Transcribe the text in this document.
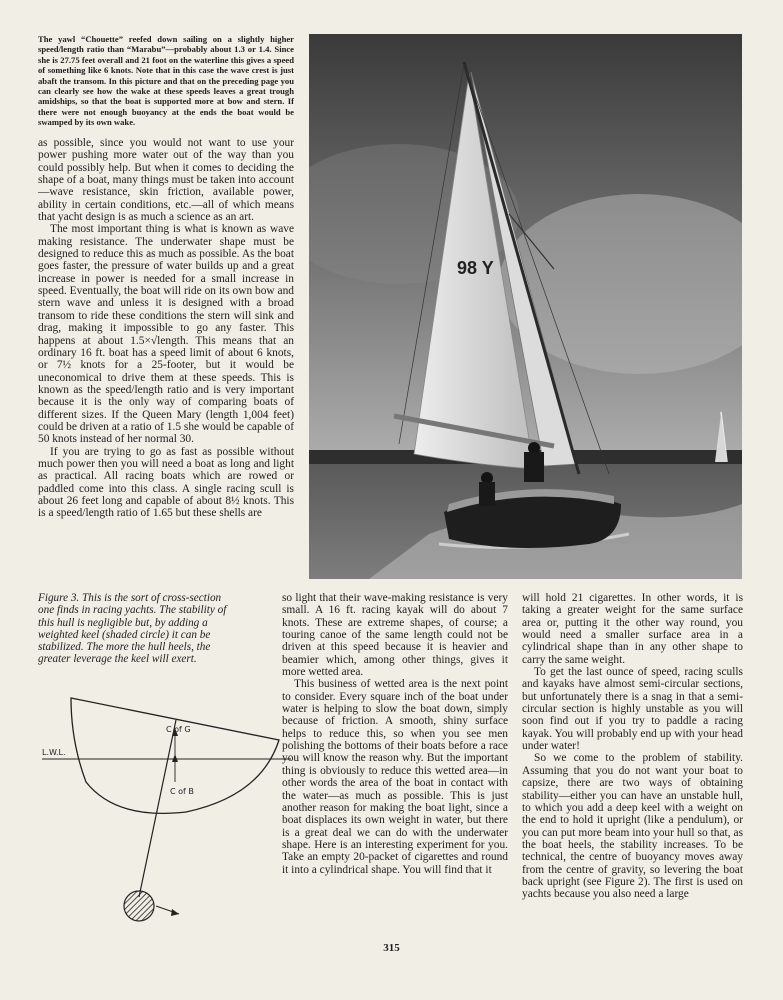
The yawl “Chouette” reefed down sailing on a slightly higher speed/length ratio than “Marabu”—probably about 1.3 or 1.4. Since she is 27.75 feet overall and 21 foot on the waterline this gives a speed of something like 6 knots. Note that in this case the wave crest is just abaft the transom. In this picture and that on the preceding page you can clearly see how the wake at these speeds leaves a great trough amidships, so that the boat is supported more at bow and stern. If there were not enough buoyancy at the ends the boat would be swamped by its own wake.

as possible, since you would not want to use your power pushing more water out of the way than you could possibly help. But when it comes to deciding the shape of a boat, many things must be taken into account—wave resistance, skin friction, available power, ability in certain conditions, etc.—all of which means that yacht design is as much a science as an art.

The most important thing is what is known as wave making resistance. The underwater shape must be designed to reduce this as much as possible. As the boat goes faster, the pressure of water builds up and a great increase in power is needed for a small increase in speed. Eventually, the boat will ride on its own bow and stern wave and unless it is designed with a broad transom to ride these conditions the stern will sink and drag, making it impossible to go any faster. This happens at about 1.5×√length. This means that an ordinary 16 ft. boat has a speed limit of about 6 knots, or 7½ knots for a 25-footer, but it would be uneconomical to drive them at these speeds. This is known as the speed/length ratio and is very important because it is the only way of comparing boats of different sizes. If the Queen Mary (length 1,004 feet) could be driven at a ratio of 1.5 she would be capable of 50 knots instead of her normal 30.

If you are trying to go as fast as possible without much power then you will need a boat as long and light as practical. All racing boats which are rowed or paddled come into this class. A single racing scull is about 26 feet long and capable of about 8½ knots. This is a speed/length ratio of 1.65 but these shells are

98 Y
Figure 3. This is the sort of cross-section
one finds in racing yachts. The stability of
this hull is negligible but, by adding a
weighted keel (shaded circle) it can be
stabilized. The more the hull heels, the
greater leverage the keel will exert.
L.W.L.
C of G
C of B

so light that their wave-making resistance is very small. A 16 ft. racing kayak will do about 7 knots. These are extreme shapes, of course; a touring canoe of the same length could not be driven at this speed because it is heavier and beamier which, among other things, gives it more wetted area.

This business of wetted area is the next point to consider. Every square inch of the boat under water is helping to slow the boat down, simply because of friction. A smooth, shiny surface helps to reduce this, so when you see men polishing the bottoms of their boats before a race you will know the reason why. But the important thing is obviously to reduce this wetted area—in other words the area of the boat in contact with the water—as much as possible. This is just another reason for making the boat light, since a boat displaces its own weight in water, but there is a great deal we can do with the underwater shape. Here is an interesting experiment for you. Take an empty 20-packet of cigarettes and round it into a cylindrical shape. You will find that it

will hold 21 cigarettes. In other words, it is taking a greater weight for the same surface area or, putting it the other way round, you would need a smaller surface area in a cylindrical shape than in any other shape to carry the same weight.

To get the last ounce of speed, racing sculls and kayaks have almost semi-circular sections, but unfortunately there is a snag in that a semi-circular section is highly unstable as you will soon find out if you try to paddle a racing kayak. You will probably end up with your head under water!

So we come to the problem of stability. Assuming that you do not want your boat to capsize, there are two ways of obtaining stability—either you can have an unstable hull, to which you add a deep keel with a weight on the end to hold it upright (like a pendulum), or you can put more beam into your hull so that, as the boat heels, the stability increases. To be technical, the centre of buoyancy moves away from the centre of gravity, so levering the boat back upright (see Figure 2). The first is used on yachts because you also need a large

315
